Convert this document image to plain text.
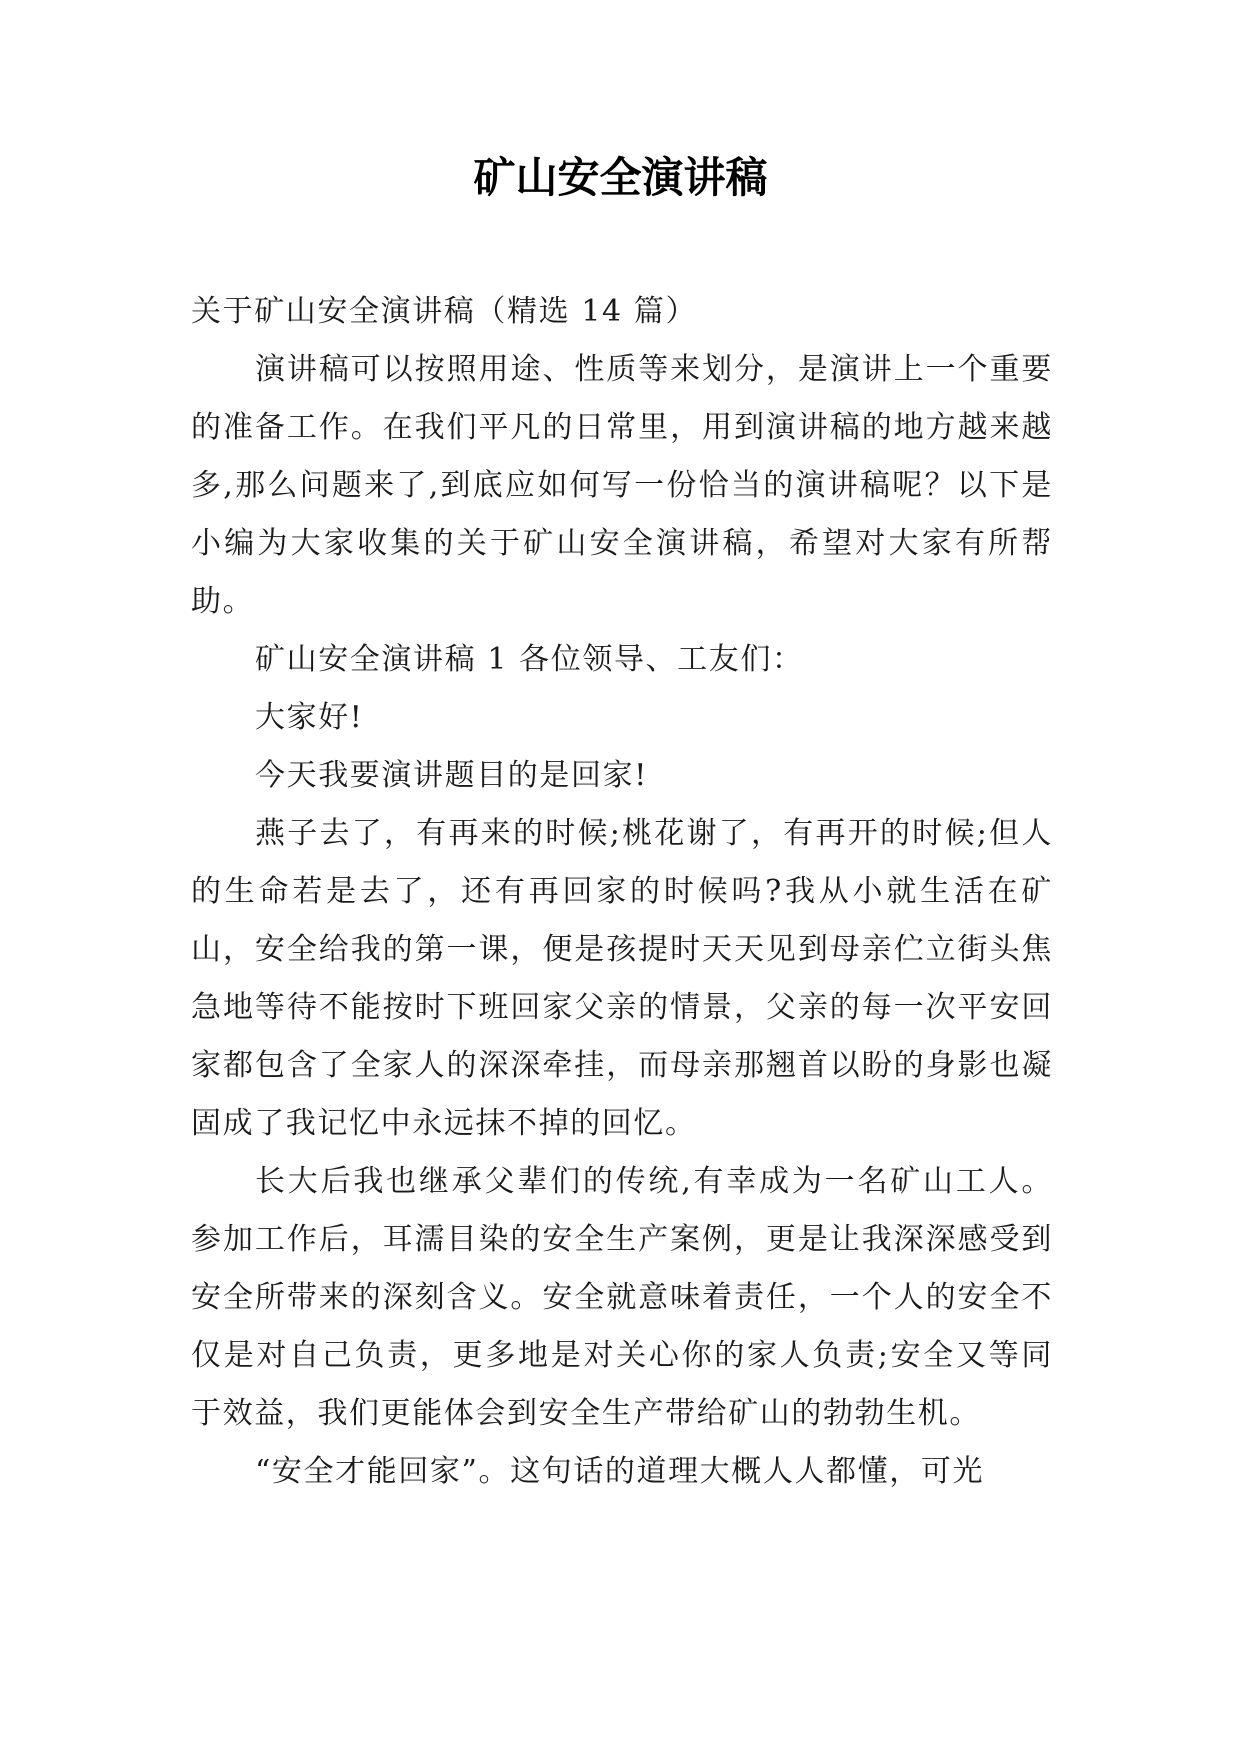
矿山安全演讲稿

关于矿山安全演讲稿（精选 14 篇）

演讲稿可以按照用途、性质等来划分，是演讲上一个重要的准备工作。在我们平凡的日常里，用到演讲稿的地方越来越多,那么问题来了,到底应如何写一份恰当的演讲稿呢？以下是小编为大家收集的关于矿山安全演讲稿，希望对大家有所帮助。

矿山安全演讲稿 1 各位领导、工友们：

大家好!

今天我要演讲题目的是回家!

燕子去了，有再来的时候;桃花谢了，有再开的时候;但人的生命若是去了，还有再回家的时候吗?我从小就生活在矿山，安全给我的第一课，便是孩提时天天见到母亲伫立街头焦急地等待不能按时下班回家父亲的情景，父亲的每一次平安回家都包含了全家人的深深牵挂，而母亲那翘首以盼的身影也凝固成了我记忆中永远抹不掉的回忆。

长大后我也继承父辈们的传统,有幸成为一名矿山工人。参加工作后，耳濡目染的安全生产案例，更是让我深深感受到安全所带来的深刻含义。安全就意味着责任，一个人的安全不仅是对自己负责，更多地是对关心你的家人负责;安全又等同于效益，我们更能体会到安全生产带给矿山的勃勃生机。

“安全才能回家”。这句话的道理大概人人都懂，可光
